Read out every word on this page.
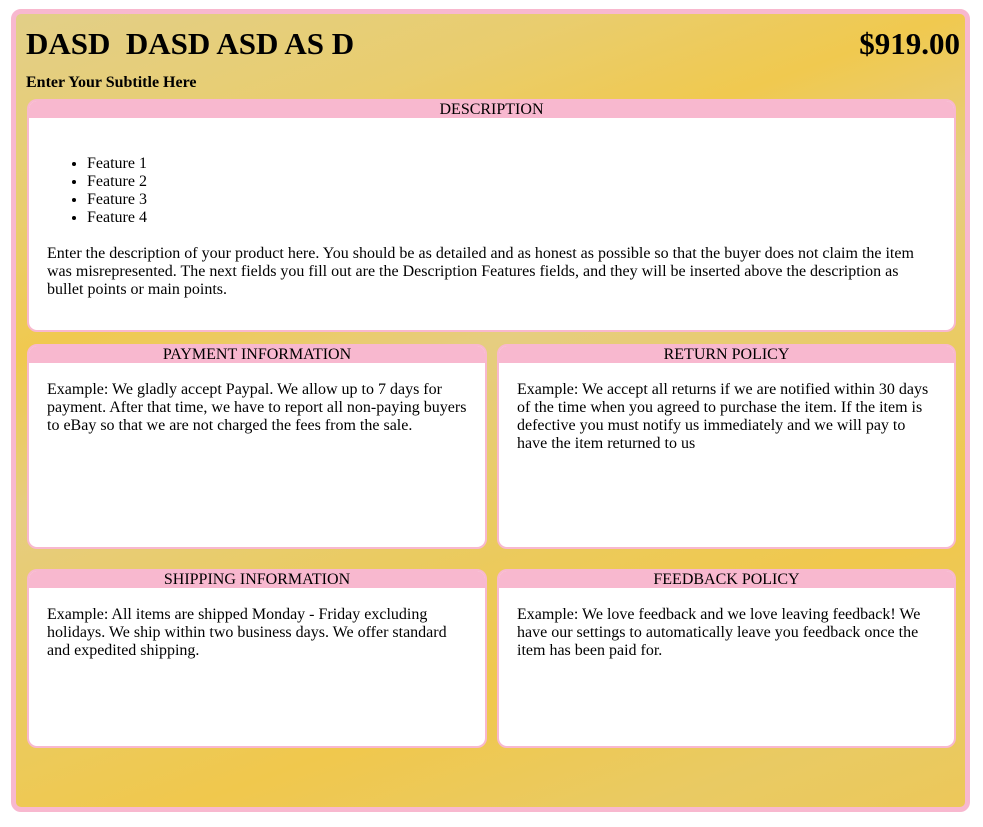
DASD  DASD ASD AS D	$919.00
Enter Your Subtitle Here
DESCRIPTION
• Feature 1
• Feature 2
• Feature 3
• Feature 4

Enter the description of your product here. You should be as detailed and as honest as possible so that the buyer does not claim the item was misrepresented. The next fields you fill out are the Description Features fields, and they will be inserted above the description as bullet points or main points.

PAYMENT INFORMATION

Example: We gladly accept Paypal. We allow up to 7 days for payment. After that time, we have to report all non-paying buyers to eBay so that we are not charged the fees from the sale.

RETURN POLICY

Example: We accept all returns if we are notified within 30 days of the time when you agreed to purchase the item. If the item is defective you must notify us immediately and we will pay to have the item returned to us

SHIPPING INFORMATION

Example: All items are shipped Monday - Friday excluding holidays. We ship within two business days. We offer standard and expedited shipping.

FEEDBACK POLICY

Example: We love feedback and we love leaving feedback! We have our settings to automatically leave you feedback once the item has been paid for.
